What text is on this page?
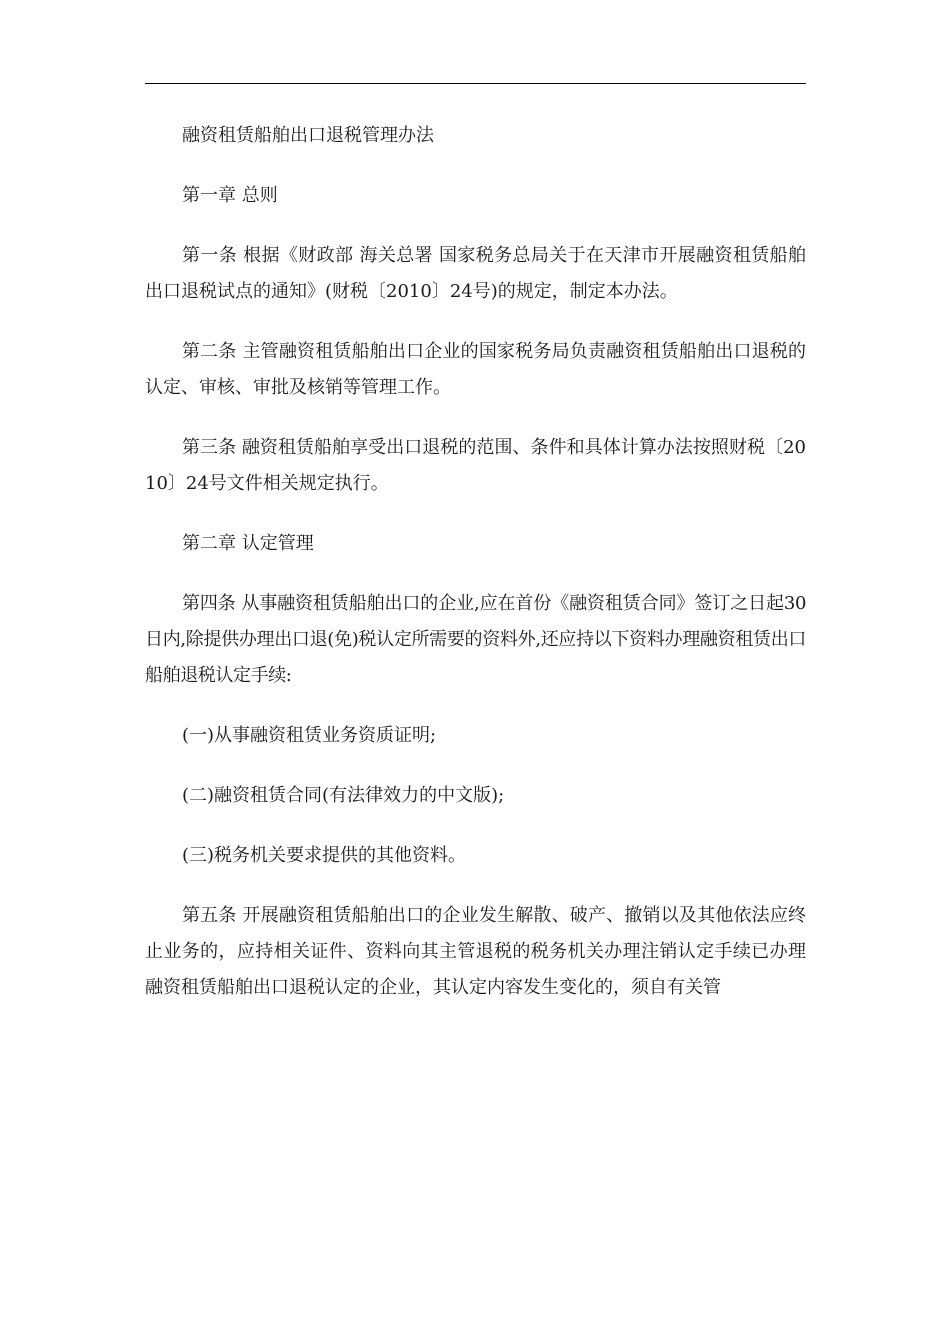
融资租赁船舶出口退税管理办法

第一章 总则

第一条 根据《财政部 海关总署 国家税务总局关于在天津市开展融资租赁船舶出口退税试点的通知》(财税〔2010〕24号)的规定，制定本办法。

第二条 主管融资租赁船舶出口企业的国家税务局负责融资租赁船舶出口退税的认定、审核、审批及核销等管理工作。

第三条 融资租赁船舶享受出口退税的范围、条件和具体计算办法按照财税〔2010〕24号文件相关规定执行。

第二章 认定管理

第四条 从事融资租赁船舶出口的企业,应在首份《融资租赁合同》签订之日起30日内,除提供办理出口退(免)税认定所需要的资料外,还应持以下资料办理融资租赁出口船舶退税认定手续:

(一)从事融资租赁业务资质证明;

(二)融资租赁合同(有法律效力的中文版);

(三)税务机关要求提供的其他资料。

第五条 开展融资租赁船舶出口的企业发生解散、破产、撤销以及其他依法应终止业务的，应持相关证件、资料向其主管退税的税务机关办理注销认定手续已办理融资租赁船舶出口退税认定的企业，其认定内容发生变化的，须自有关管
